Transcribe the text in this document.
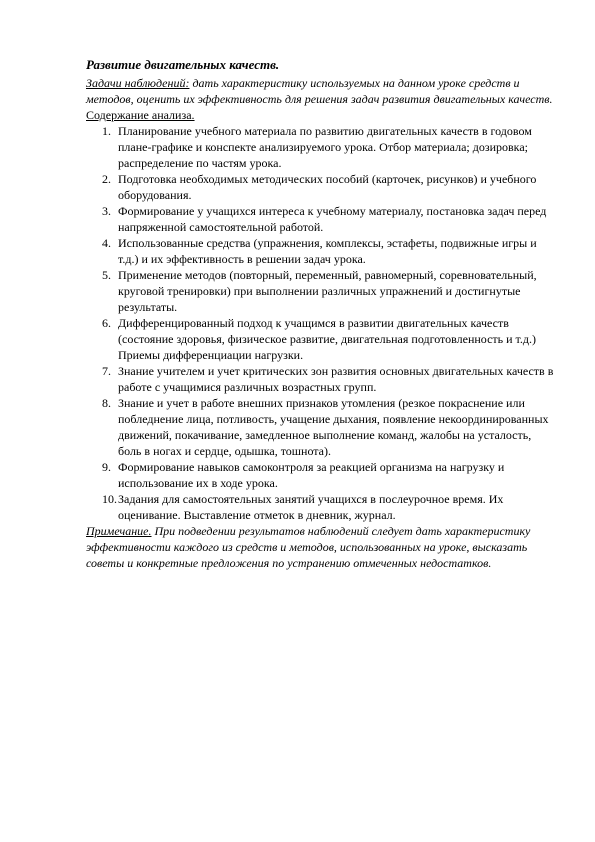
Развитие двигательных качеств.

Задачи наблюдений: дать характеристику используемых на данном уроке средств и методов, оценить их эффективность для решения задач развития двигательных качеств.

Содержание анализа.

1. Планирование учебного материала по развитию двигательных качеств в годовом плане-графике и конспекте анализируемого урока. Отбор материала; дозировка; распределение по частям урока.
2. Подготовка необходимых методических пособий (карточек, рисунков) и учебного оборудования.
3. Формирование у учащихся интереса к учебному материалу, постановка задач перед напряженной самостоятельной работой.
4. Использованные средства (упражнения, комплексы, эстафеты, подвижные игры и т.д.) и их эффективность в решении задач урока.
5. Применение методов (повторный, переменный, равномерный, соревновательный, круговой тренировки) при выполнении различных упражнений и достигнутые результаты.
6. Дифференцированный подход к учащимся в развитии двигательных качеств (состояние здоровья, физическое развитие, двигательная подготовленность и т.д.) Приемы дифференциации нагрузки.
7. Знание учителем и учет критических зон развития основных двигательных качеств в работе с учащимися различных возрастных групп.
8. Знание и учет в работе внешних признаков утомления (резкое покраснение или побледнение лица, потливость, учащение дыхания, появление некоординированных движений, покачивание, замедленное выполнение команд, жалобы на усталость, боль в ногах и сердце, одышка, тошнота).
9. Формирование навыков самоконтроля за реакцией организма на нагрузку и использование их в ходе урока.
10. Задания для самостоятельных занятий учащихся в послеурочное время. Их оценивание. Выставление отметок в дневник, журнал.

Примечание. При подведении результатов наблюдений следует дать характеристику эффективности каждого из средств и методов, использованных на уроке, высказать советы и конкретные предложения по устранению отмеченных недостатков.
